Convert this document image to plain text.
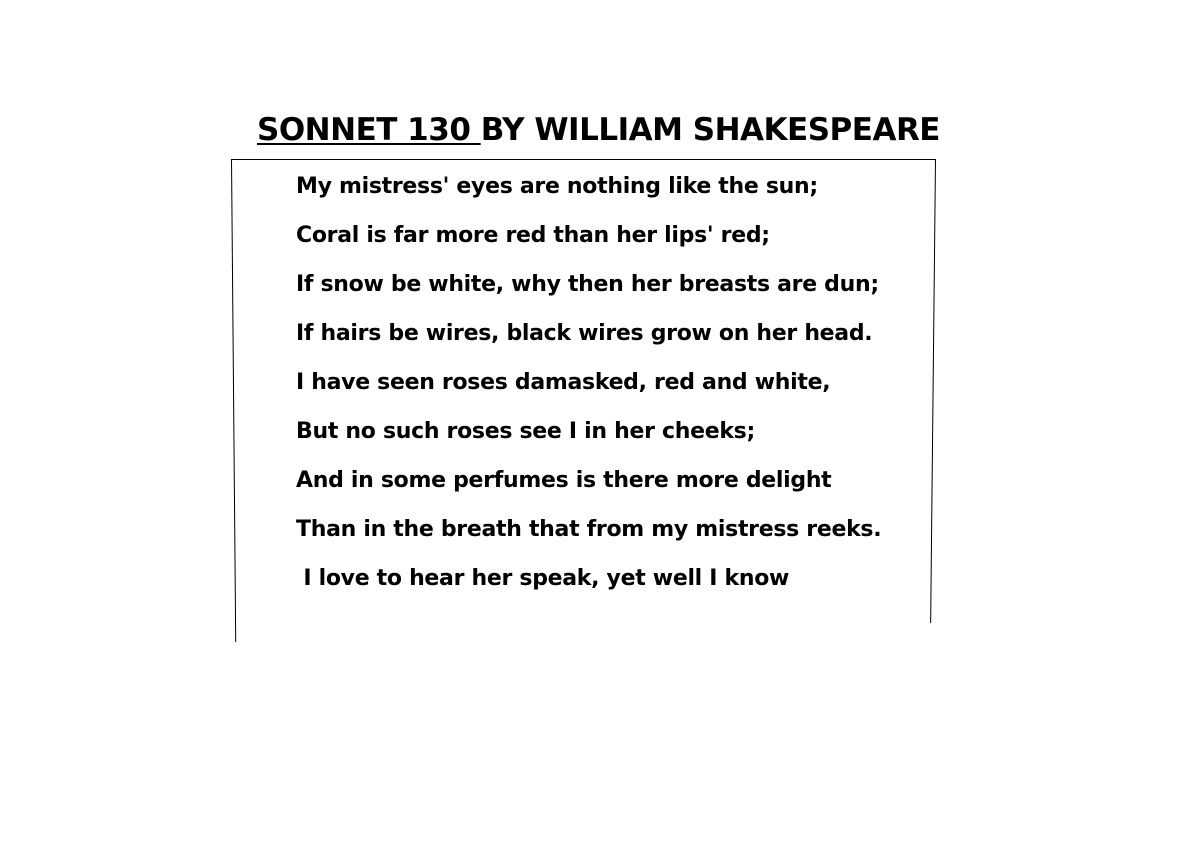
SONNET 130 BY WILLIAM SHAKESPEARE
My mistress' eyes are nothing like the sun;
Coral is far more red than her lips' red;
If snow be white, why then her breasts are dun;
If hairs be wires, black wires grow on her head.
I have seen roses damasked, red and white,
But no such roses see I in her cheeks;
And in some perfumes is there more delight
Than in the breath that from my mistress reeks.
I love to hear her speak, yet well I know
